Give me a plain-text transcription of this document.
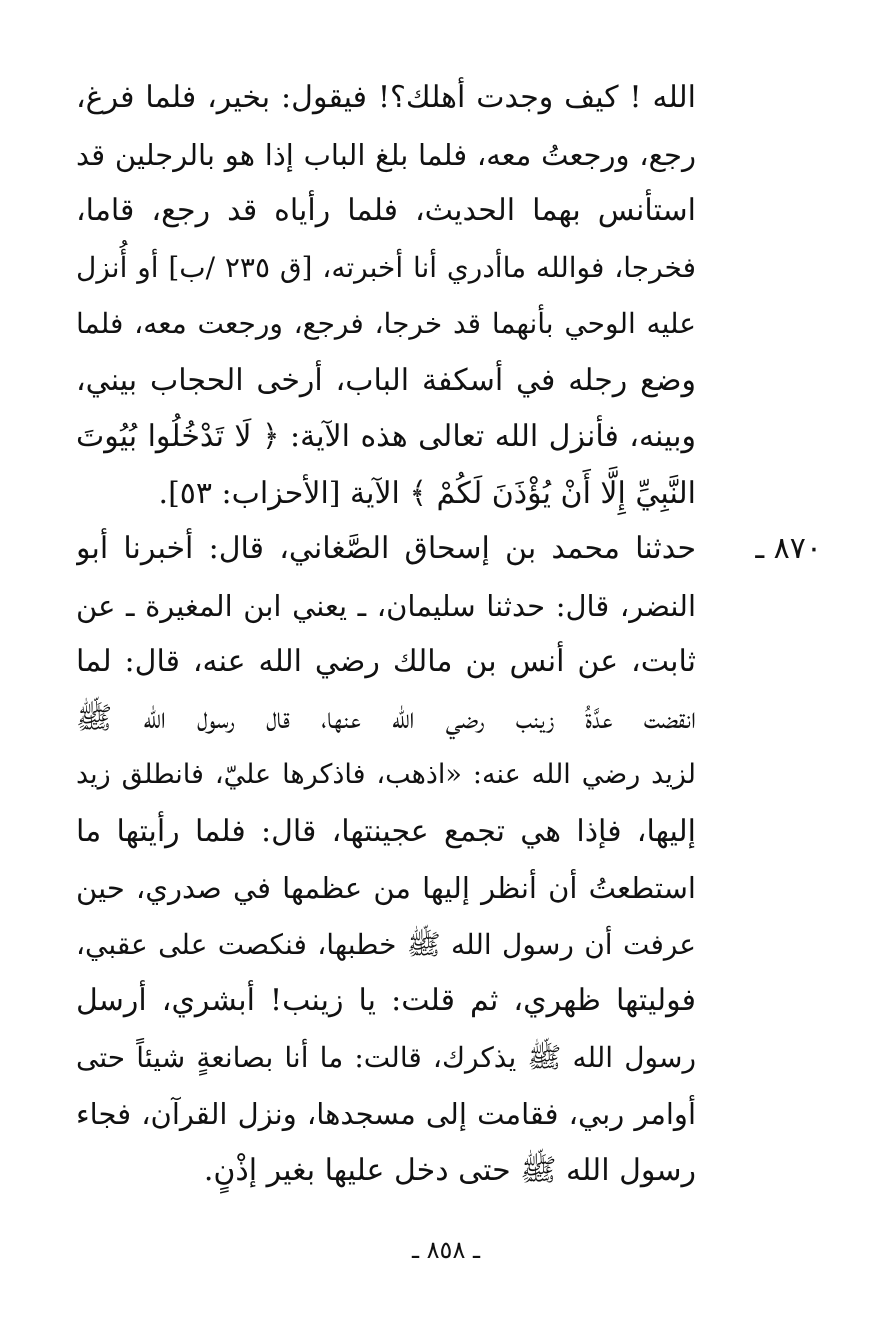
الله ! كيف وجدت أهلك؟! فيقول: بخير، فلما فرغ،
رجع، ورجعتُ معه، فلما بلغ الباب إذا هو بالرجلين قد
استأنس بهما الحديث، فلما رأياه قد رجع، قاما،
فخرجا، فوالله ماأدري أنا أخبرته، [ق ٢٣٥ /ب] أو أُنزل
عليه الوحي بأنهما قد خرجا، فرجع، ورجعت معه، فلما
وضع رجله في أسكفة الباب، أرخى الحجاب بيني،
وبينه، فأنزل الله تعالى هذه الآية: ﴿ لَا تَدْخُلُوا بُيُوتَ
النَّبِيِّ إِلَّا أَنْ يُؤْذَنَ لَكُمْ ﴾ الآية [الأحزاب: ٥٣].
٨٧٠ ـ
حدثنا محمد بن إسحاق الصَّغاني، قال: أخبرنا أبو
النضر، قال: حدثنا سليمان، ـ يعني ابن المغيرة ـ عن
ثابت، عن أنس بن مالك رضي الله عنه، قال: لما
انقضت عدَّةُ زينب رضي الله عنها، قال رسول الله ﷺ
لزيد رضي الله عنه: «اذهب، فاذكرها عليّ، فانطلق زيد
إليها، فإذا هي تجمع عجينتها، قال: فلما رأيتها ما
استطعتُ أن أنظر إليها من عظمها في صدري، حين
عرفت أن رسول الله ﷺ خطبها، فنكصت على عقبي،
فوليتها ظهري، ثم قلت: يا زينب! أبشري، أرسل
رسول الله ﷺ يذكرك، قالت: ما أنا بصانعةٍ شيئاً حتى
أوامر ربي، فقامت إلى مسجدها، ونزل القرآن، فجاء
رسول الله ﷺ حتى دخل عليها بغير إذْنٍ.
ـ ٨٥٨ ـ
